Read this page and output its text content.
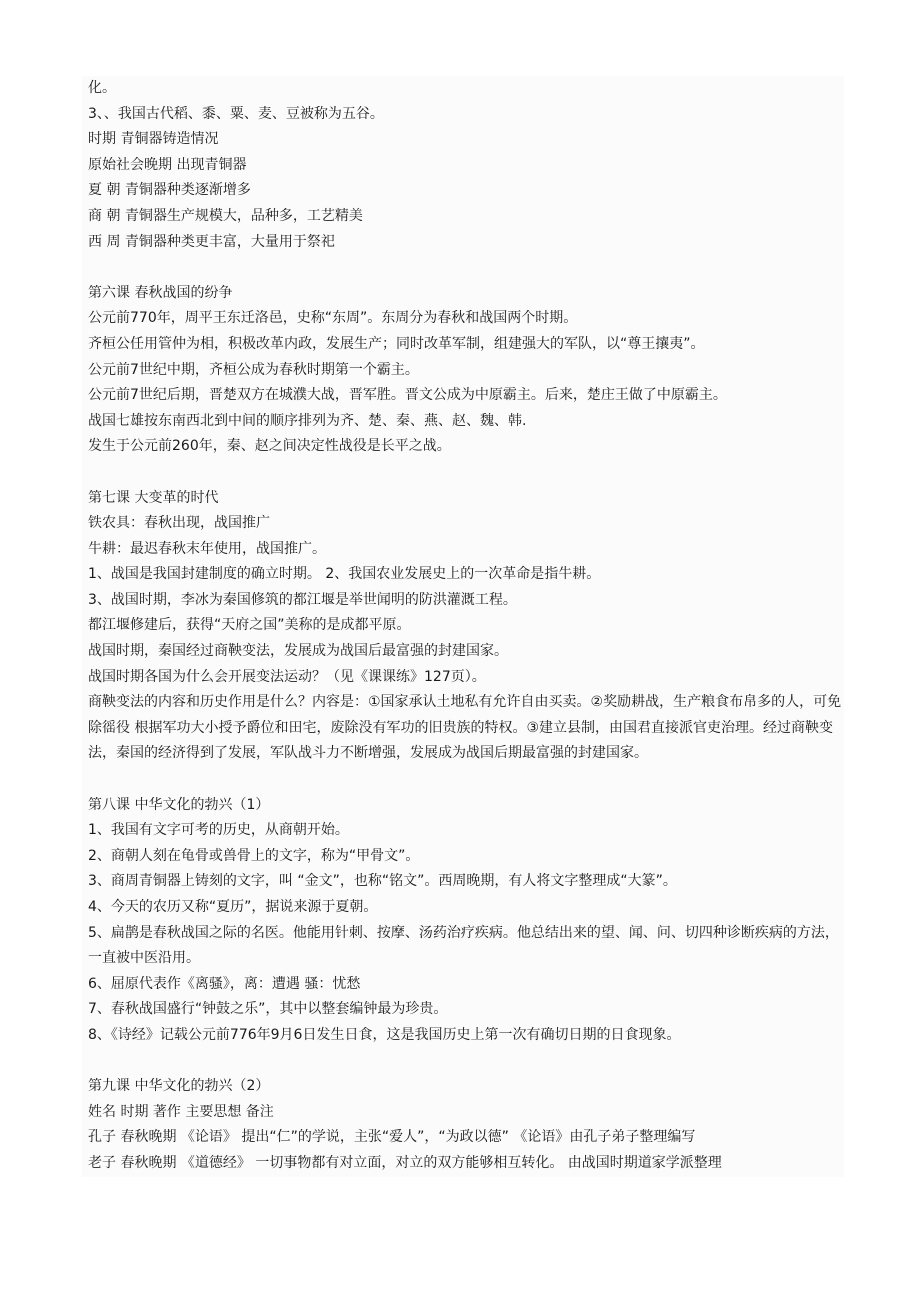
化。
3、、我国古代稻、黍、粟、麦、豆被称为五谷。
时期 青铜器铸造情况
原始社会晚期 出现青铜器
夏 朝 青铜器种类逐渐增多
商 朝 青铜器生产规模大，品种多，工艺精美
西 周 青铜器种类更丰富，大量用于祭祀
第六课 春秋战国的纷争
公元前770年，周平王东迁洛邑，史称“东周”。东周分为春秋和战国两个时期。
齐桓公任用管仲为相，积极改革内政，发展生产；同时改革军制，组建强大的军队，以“尊王攘夷”。
公元前7世纪中期，齐桓公成为春秋时期第一个霸主。
公元前7世纪后期，晋楚双方在城濮大战，晋军胜。晋文公成为中原霸主。后来，楚庄王做了中原霸主。
战国七雄按东南西北到中间的顺序排列为齐、楚、秦、燕、赵、魏、韩.
发生于公元前260年，秦、赵之间决定性战役是长平之战。
第七课 大变革的时代
铁农具：春秋出现，战国推广
牛耕：最迟春秋末年使用，战国推广。
1、战国是我国封建制度的确立时期。 2、我国农业发展史上的一次革命是指牛耕。
3、战国时期，李冰为秦国修筑的都江堰是举世闻明的防洪灌溉工程。
都江堰修建后，获得“天府之国”美称的是成都平原。
战国时期，秦国经过商鞅变法，发展成为战国后最富强的封建国家。
战国时期各国为什么会开展变法运动？（见《课课练》127页）。
商鞅变法的内容和历史作用是什么？内容是：①国家承认土地私有允许自由买卖。②奖励耕战，生产粮食布帛多的人，可免除徭役 根据军功大小授予爵位和田宅，废除没有军功的旧贵族的特权。③建立县制，由国君直接派官吏治理。经过商鞅变法，秦国的经济得到了发展，军队战斗力不断增强，发展成为战国后期最富强的封建国家。
第八课 中华文化的勃兴（1）
1、我国有文字可考的历史，从商朝开始。
2、商朝人刻在龟骨或兽骨上的文字，称为“甲骨文”。
3、商周青铜器上铸刻的文字，叫 “金文”，也称“铭文”。西周晚期，有人将文字整理成“大篆”。
4、今天的农历又称“夏历”，据说来源于夏朝。
5、扁鹊是春秋战国之际的名医。他能用针刺、按摩、汤药治疗疾病。他总结出来的望、闻、问、切四种诊断疾病的方法，一直被中医沿用。
6、屈原代表作《离骚》，离：遭遇 骚：忧愁
7、春秋战国盛行“钟鼓之乐”，其中以整套编钟最为珍贵。
8、《诗经》记载公元前776年9月6日发生日食，这是我国历史上第一次有确切日期的日食现象。
第九课 中华文化的勃兴（2）
姓名 时期 著作 主要思想 备注
孔子 春秋晚期 《论语》 提出“仁”的学说，主张“爱人”，“为政以德” 《论语》由孔子弟子整理编写
老子 春秋晚期 《道德经》 一切事物都有对立面，对立的双方能够相互转化。 由战国时期道家学派整理
